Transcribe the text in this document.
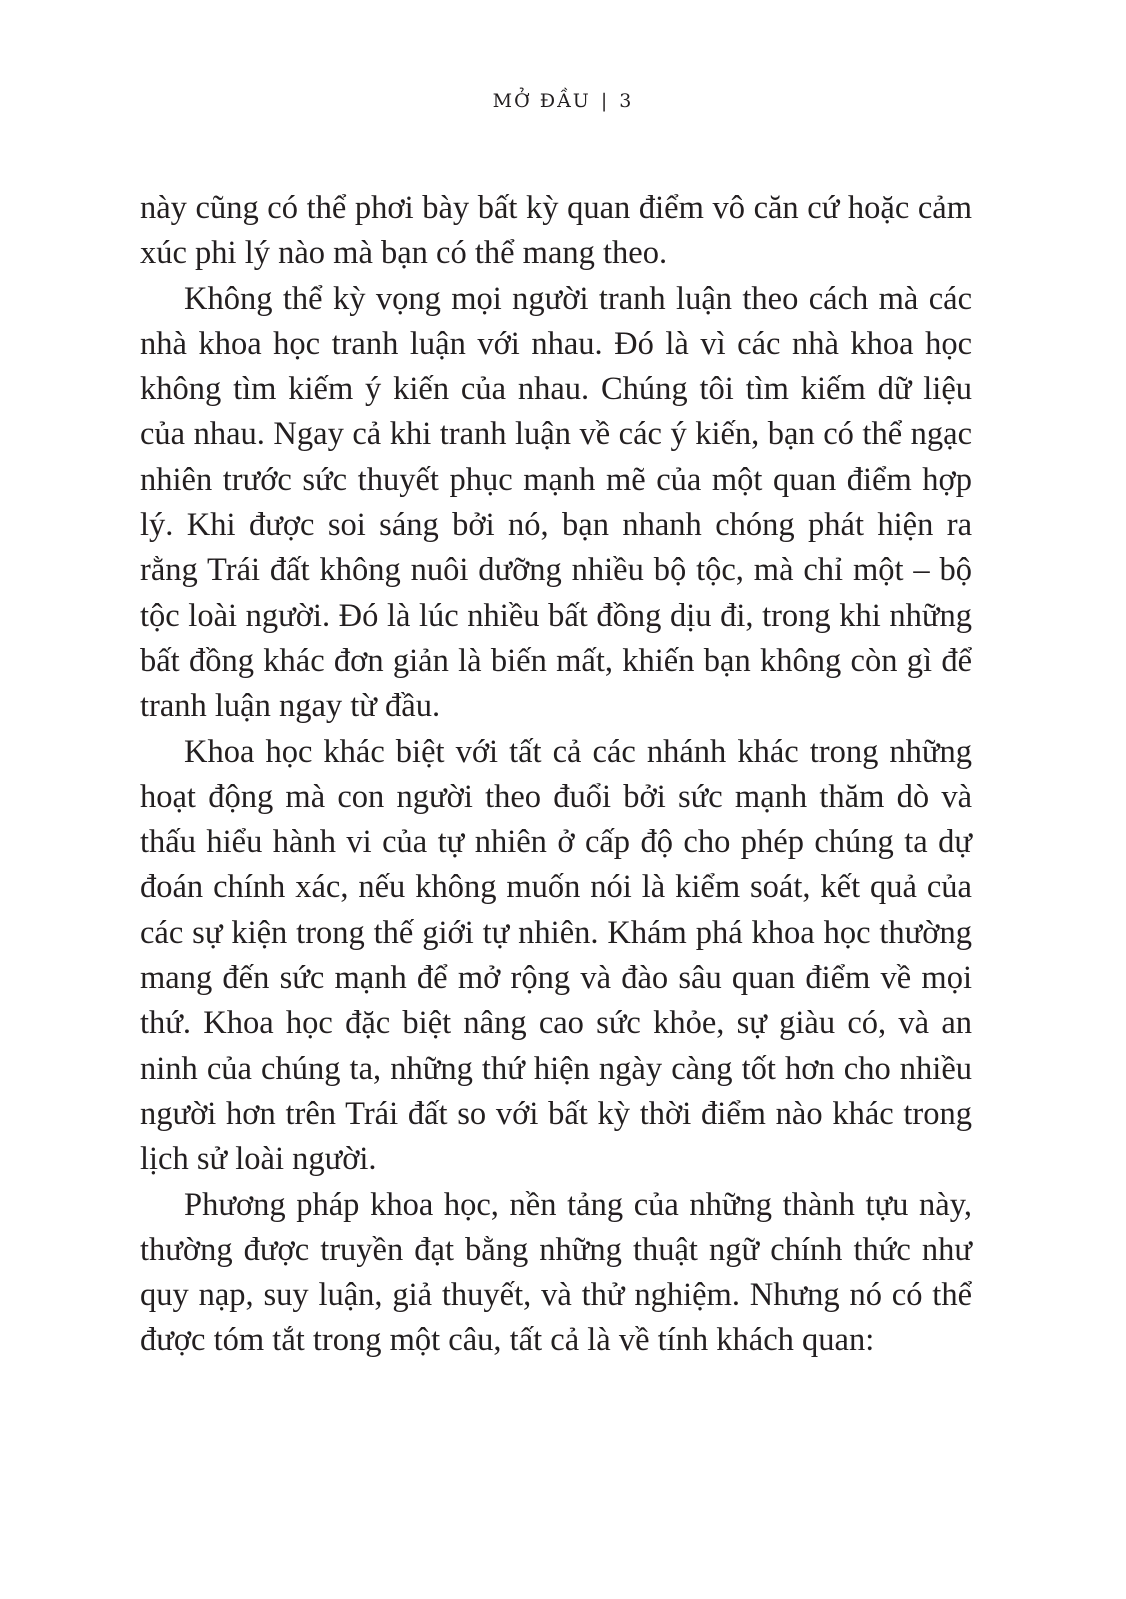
MỞ ĐẦU | 3

này cũng có thể phơi bày bất kỳ quan điểm vô căn cứ hoặc cảm xúc phi lý nào mà bạn có thể mang theo.

Không thể kỳ vọng mọi người tranh luận theo cách mà các nhà khoa học tranh luận với nhau. Đó là vì các nhà khoa học không tìm kiếm ý kiến của nhau. Chúng tôi tìm kiếm dữ liệu của nhau. Ngay cả khi tranh luận về các ý kiến, bạn có thể ngạc nhiên trước sức thuyết phục mạnh mẽ của một quan điểm hợp lý. Khi được soi sáng bởi nó, bạn nhanh chóng phát hiện ra rằng Trái đất không nuôi dưỡng nhiều bộ tộc, mà chỉ một – bộ tộc loài người. Đó là lúc nhiều bất đồng dịu đi, trong khi những bất đồng khác đơn giản là biến mất, khiến bạn không còn gì để tranh luận ngay từ đầu.

Khoa học khác biệt với tất cả các nhánh khác trong những hoạt động mà con người theo đuổi bởi sức mạnh thăm dò và thấu hiểu hành vi của tự nhiên ở cấp độ cho phép chúng ta dự đoán chính xác, nếu không muốn nói là kiểm soát, kết quả của các sự kiện trong thế giới tự nhiên. Khám phá khoa học thường mang đến sức mạnh để mở rộng và đào sâu quan điểm về mọi thứ. Khoa học đặc biệt nâng cao sức khỏe, sự giàu có, và an ninh của chúng ta, những thứ hiện ngày càng tốt hơn cho nhiều người hơn trên Trái đất so với bất kỳ thời điểm nào khác trong lịch sử loài người.

Phương pháp khoa học, nền tảng của những thành tựu này, thường được truyền đạt bằng những thuật ngữ chính thức như quy nạp, suy luận, giả thuyết, và thử nghiệm. Nhưng nó có thể được tóm tắt trong một câu, tất cả là về tính khách quan:
